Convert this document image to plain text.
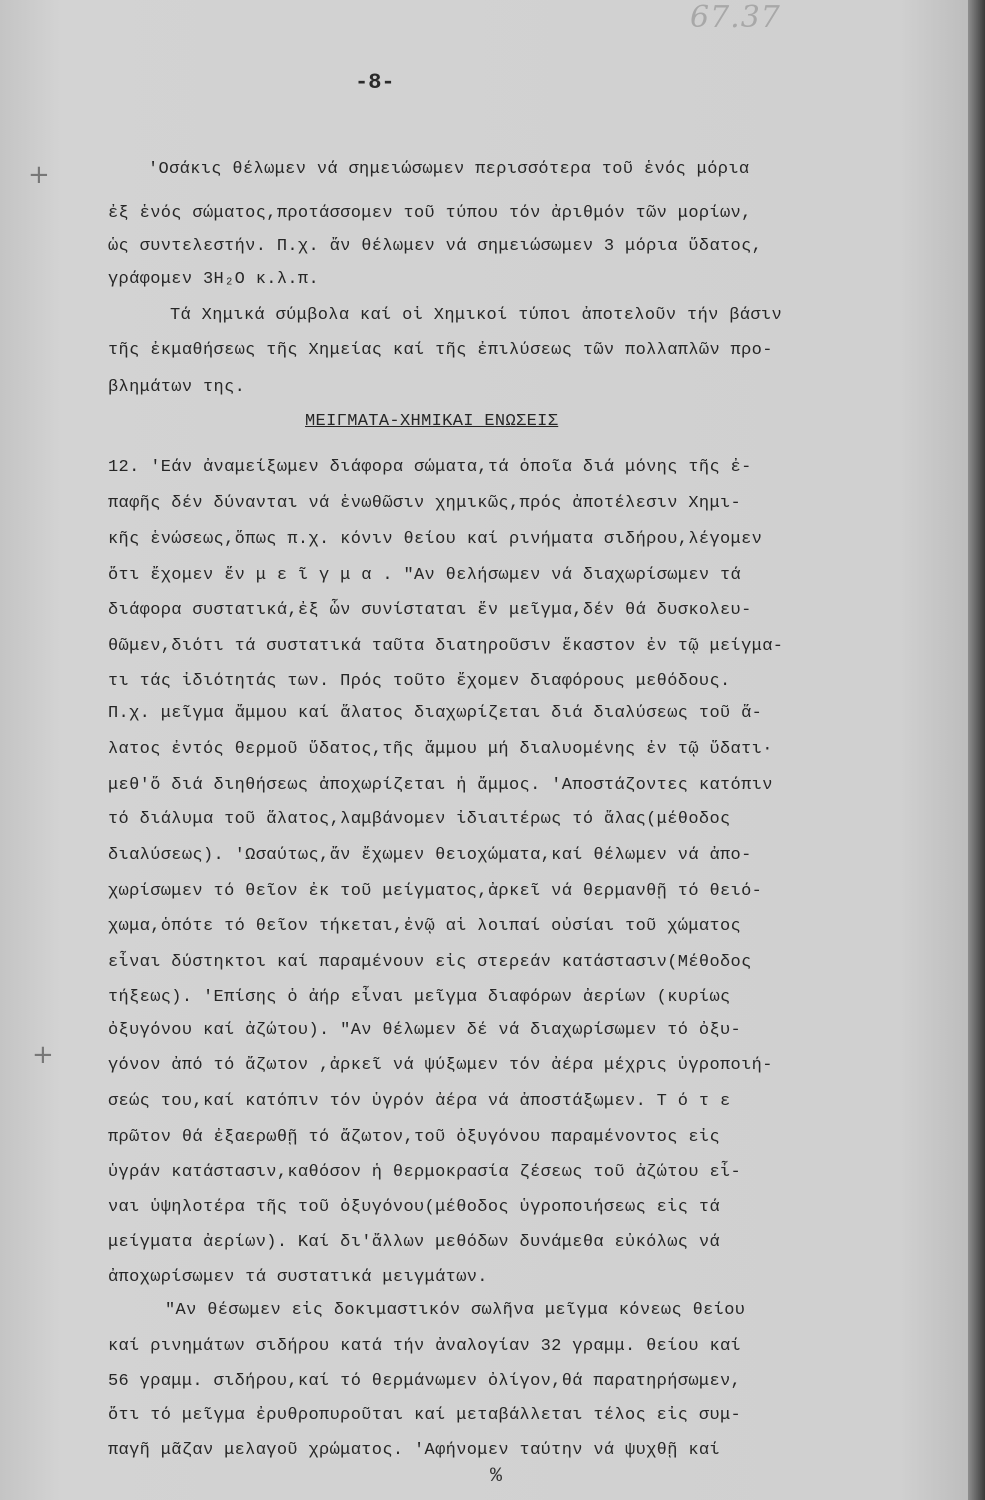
67.37
-8-
+
+
'Οσάκις θέλωμεν νά σημειώσωμεν περισσότερα τοῦ ἑνός μόρια
ἐξ ἑνός σώματος,προτάσσομεν τοῦ τύπου τόν ἀριθμόν τῶν μορίων,
ὡς συντελεστήν. Π.χ. ἄν θέλωμεν νά σημειώσωμεν 3 μόρια ὕδατος,
γράφομεν 3H₂O κ.λ.π.
Τά Χημικά σύμβολα καί οἱ Χημικοί τύποι ἀποτελοῦν τήν βάσιν
τῆς ἐκμαθήσεως τῆς Χημείας καί τῆς ἐπιλύσεως τῶν πολλαπλῶν προ-
βλημάτων της.
ΜΕΙΓΜΑΤΑ-ΧΗΜΙΚΑΙ ΕΝΩΣΕΙΣ
12. 'Εάν ἀναμείξωμεν διάφορα σώματα,τά ὁποῖα διά μόνης τῆς ἐ-
παφῆς δέν δύνανται νά ἑνωθῶσιν χημικῶς,πρός ἀποτέλεσιν Χημι-
κῆς ἑνώσεως,ὅπως π.χ. κόνιν θείου καί ρινήματα σιδήρου,λέγομεν
ὅτι ἔχομεν ἕν μ ε ῖ γ μ α . "Αν θελήσωμεν νά διαχωρίσωμεν τά
διάφορα συστατικά,ἐξ ὧν συνίσταται ἕν μεῖγμα,δέν θά δυσκολευ-
θῶμεν,διότι τά συστατικά ταῦτα διατηροῦσιν ἕκαστον ἐν τῷ μείγμα-
τι τάς ἰδιότητάς των. Πρός τοῦτο ἔχομεν διαφόρους μεθόδους.
Π.χ. μεῖγμα ἄμμου καί ἅλατος διαχωρίζεται διά διαλύσεως τοῦ ἅ-
λατος ἐντός θερμοῦ ὕδατος,τῆς ἄμμου μή διαλυομένης ἐν τῷ ὕδατι·
μεθ'ὅ διά διηθήσεως ἀποχωρίζεται ἡ ἄμμος. 'Αποστάζοντες κατόπιν
τό διάλυμα τοῦ ἅλατος,λαμβάνομεν ἰδιαιτέρως τό ἅλας(μέθοδος
διαλύσεως). 'Ωσαύτως,ἄν ἔχωμεν θειοχώματα,καί θέλωμεν νά ἀπο-
χωρίσωμεν τό θεῖον ἐκ τοῦ μείγματος,ἀρκεῖ νά θερμανθῇ τό θειό-
χωμα,ὁπότε τό θεῖον τήκεται,ἐνῷ αἱ λοιπαί οὐσίαι τοῦ χώματος
εἶναι δύστηκτοι καί παραμένουν εἰς στερεάν κατάστασιν(Μέθοδος
τήξεως). 'Επίσης ὁ ἀήρ εἶναι μεῖγμα διαφόρων ἀερίων (κυρίως
ὀξυγόνου καί ἀζώτου). "Αν θέλωμεν δέ νά διαχωρίσωμεν τό ὀξυ-
γόνον ἀπό τό ἄζωτον ,ἀρκεῖ νά ψύξωμεν τόν ἀέρα μέχρις ὑγροποιή-
σεώς του,καί κατόπιν τόν ὑγρόν ἀέρα νά ἀποστάξωμεν. Τ ό τ ε
πρῶτον θά ἐξαερωθῇ τό ἄζωτον,τοῦ ὀξυγόνου παραμένοντος εἰς
ὑγράν κατάστασιν,καθόσον ἡ θερμοκρασία ζέσεως τοῦ ἀζώτου εἶ-
ναι ὑψηλοτέρα τῆς τοῦ ὀξυγόνου(μέθοδος ὑγροποιήσεως εἰς τά
μείγματα ἀερίων). Καί δι'ἄλλων μεθόδων δυνάμεθα εὐκόλως νά
ἀποχωρίσωμεν τά συστατικά μειγμάτων.
"Αν θέσωμεν εἰς δοκιμαστικόν σωλῆνα μεῖγμα κόνεως θείου
καί ρινημάτων σιδήρου κατά τήν ἀναλογίαν 32 γραμμ. θείου καί
56 γραμμ. σιδήρου,καί τό θερμάνωμεν ὀλίγον,θά παρατηρήσωμεν,
ὅτι τό μεῖγμα ἐρυθροπυροῦται καί μεταβάλλεται τέλος εἰς συμ-
παγῆ μᾶζαν μελαγοῦ χρώματος. 'Αφήνομεν ταύτην νά ψυχθῇ καί
%
